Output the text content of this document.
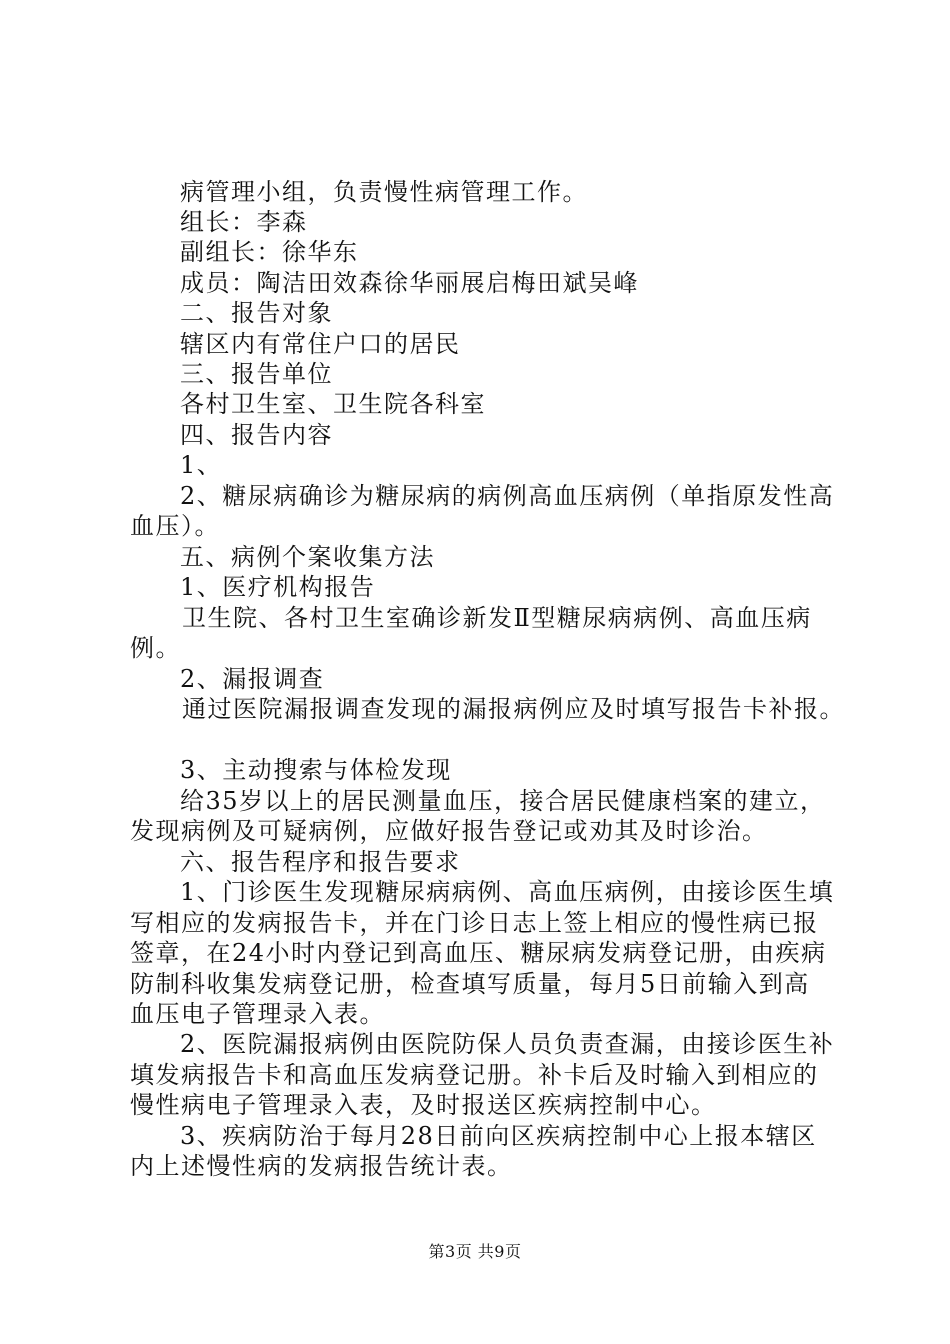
病管理小组，负责慢性病管理工作。
组长：李森
副组长：徐华东
成员：陶洁田效森徐华丽展启梅田斌吴峰
二、报告对象
辖区内有常住户口的居民
三、报告单位
各村卫生室、卫生院各科室
四、报告内容
1、
2、糖尿病确诊为糖尿病的病例高血压病例（单指原发性高
血压）。
五、病例个案收集方法
1、医疗机构报告
卫生院、各村卫生室确诊新发Ⅱ型糖尿病病例、高血压病
例。
2、漏报调查
通过医院漏报调查发现的漏报病例应及时填写报告卡补报。
3、主动搜索与体检发现
给35岁以上的居民测量血压，接合居民健康档案的建立，
发现病例及可疑病例，应做好报告登记或劝其及时诊治。
六、报告程序和报告要求
1、门诊医生发现糖尿病病例、高血压病例，由接诊医生填
写相应的发病报告卡，并在门诊日志上签上相应的慢性病已报
签章，在24小时内登记到高血压、糖尿病发病登记册，由疾病
防制科收集发病登记册，检查填写质量，每月5日前输入到高
血压电子管理录入表。
2、医院漏报病例由医院防保人员负责查漏，由接诊医生补
填发病报告卡和高血压发病登记册。补卡后及时输入到相应的
慢性病电子管理录入表，及时报送区疾病控制中心。
3、疾病防治于每月28日前向区疾病控制中心上报本辖区
内上述慢性病的发病报告统计表。
第3页 共9页
